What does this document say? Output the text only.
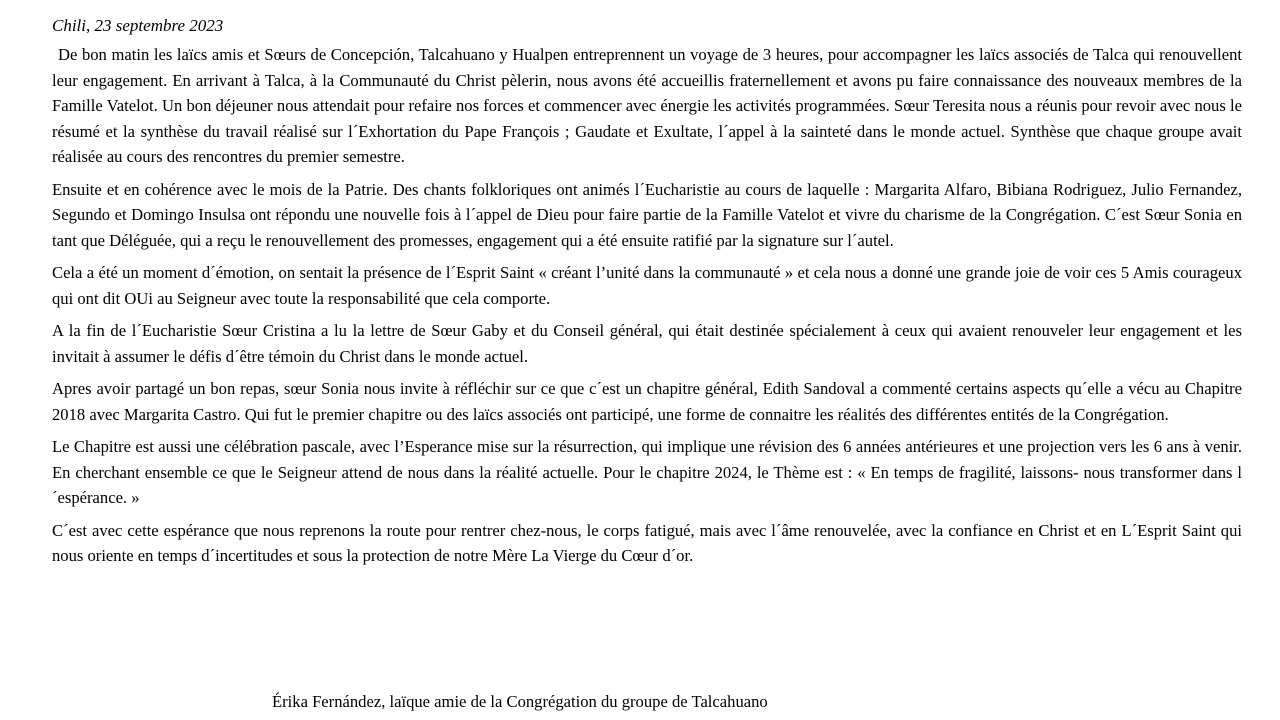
Chili, 23 septembre 2023

De bon matin les laïcs amis et Sœurs de Concepción, Talcahuano y Hualpen entreprennent un voyage de 3 heures, pour accompagner les laïcs associés de Talca qui renouvellent leur engagement. En arrivant à Talca, à la Communauté du Christ pèlerin, nous avons été accueillis fraternellement et avons pu faire connaissance des nouveaux membres de la Famille Vatelot. Un bon déjeuner nous attendait pour refaire nos forces et commencer avec énergie les activités programmées. Sœur Teresita nous a réunis pour revoir avec nous le résumé et la synthèse du travail réalisé sur l´Exhortation du Pape François ; Gaudate et Exultate, l´appel à la sainteté dans le monde actuel. Synthèse que chaque groupe avait réalisée au cours des rencontres du premier semestre.

Ensuite et en cohérence avec le mois de la Patrie. Des chants folkloriques ont animés l´Eucharistie au cours de laquelle : Margarita Alfaro, Bibiana Rodriguez, Julio Fernandez, Segundo et Domingo Insulsa ont répondu une nouvelle fois à l´appel de Dieu pour faire partie de la Famille Vatelot et vivre du charisme de la Congrégation. C´est Sœur Sonia en tant que Déléguée, qui a reçu le renouvellement des promesses, engagement qui a été ensuite ratifié par la signature sur l´autel.

Cela a été un moment d´émotion, on sentait la présence de l´Esprit Saint « créant l’unité dans la communauté » et cela nous a donné une grande joie de voir ces 5 Amis courageux qui ont dit OUi au Seigneur avec toute la responsabilité que cela comporte.

A la fin de l´Eucharistie Sœur Cristina a lu la lettre de Sœur Gaby et du Conseil général, qui était destinée spécialement à ceux qui avaient renouveler leur engagement et les invitait à assumer le défis d´être témoin du Christ dans le monde actuel.

Apres avoir partagé un bon repas, sœur Sonia nous invite à réfléchir sur ce que c´est un chapitre général, Edith Sandoval a commenté certains aspects qu´elle a vécu au Chapitre 2018 avec Margarita Castro. Qui fut le premier chapitre ou des laïcs associés ont participé, une forme de connaitre les réalités des différentes entités de la Congrégation.

Le Chapitre est aussi une célébration pascale, avec l’Esperance mise sur la résurrection, qui implique une révision des 6 années antérieures et une projection vers les 6 ans à venir. En cherchant ensemble ce que le Seigneur attend de nous dans la réalité actuelle. Pour le chapitre 2024, le Thème est : « En temps de fragilité, laissons- nous transformer dans l´espérance. »

C´est avec cette espérance que nous reprenons la route pour rentrer chez-nous, le corps fatigué, mais avec l´âme renouvelée, avec la confiance en Christ et en L´Esprit Saint qui nous oriente en temps d´incertitudes et sous la protection de notre Mère La Vierge du Cœur d´or.

Érika Fernández, laïque amie de la Congrégation du groupe de Talcahuano
